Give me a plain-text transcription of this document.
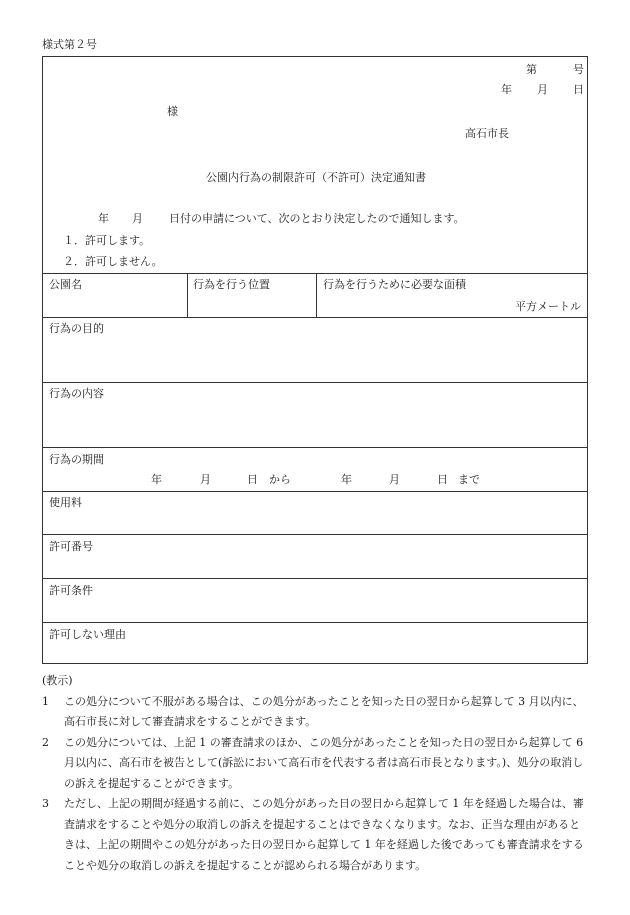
様式第２号
第	号
年 月 日
様
高石市長
公園内行為の制限許可（不許可）決定通知書
年 月 日付の申請について、次のとおり決定したので通知します。
１．許可します。
２．許可しません。
公園名	行為を行う位置	行為を行うために必要な面積
平方メートル
行為の目的
行為の内容
行為の期間
年	月	日 から	年	月	日 まで
使用料
許可番号
許可条件
許可しない理由
(教示)
1 この処分について不服がある場合は、この処分があったことを知った日の翌日から起算して 3 月以内に、高石市長に対して審査請求をすることができます。

2 この処分については、上記 1 の審査請求のほか、この処分があったことを知った日の翌日から起算して 6 月以内に、高石市を被告として(訴訟において高石市を代表する者は高石市長となります。)、処分の取消しの訴えを提起することができます。

3 ただし、上記の期間が経過する前に、この処分があった日の翌日から起算して 1 年を経過した場合は、審査請求をすることや処分の取消しの訴えを提起することはできなくなります。なお、正当な理由があるときは、上記の期間やこの処分があった日の翌日から起算して 1 年を経過した後であっても審査請求をすることや処分の取消しの訴えを提起することが認められる場合があります。
